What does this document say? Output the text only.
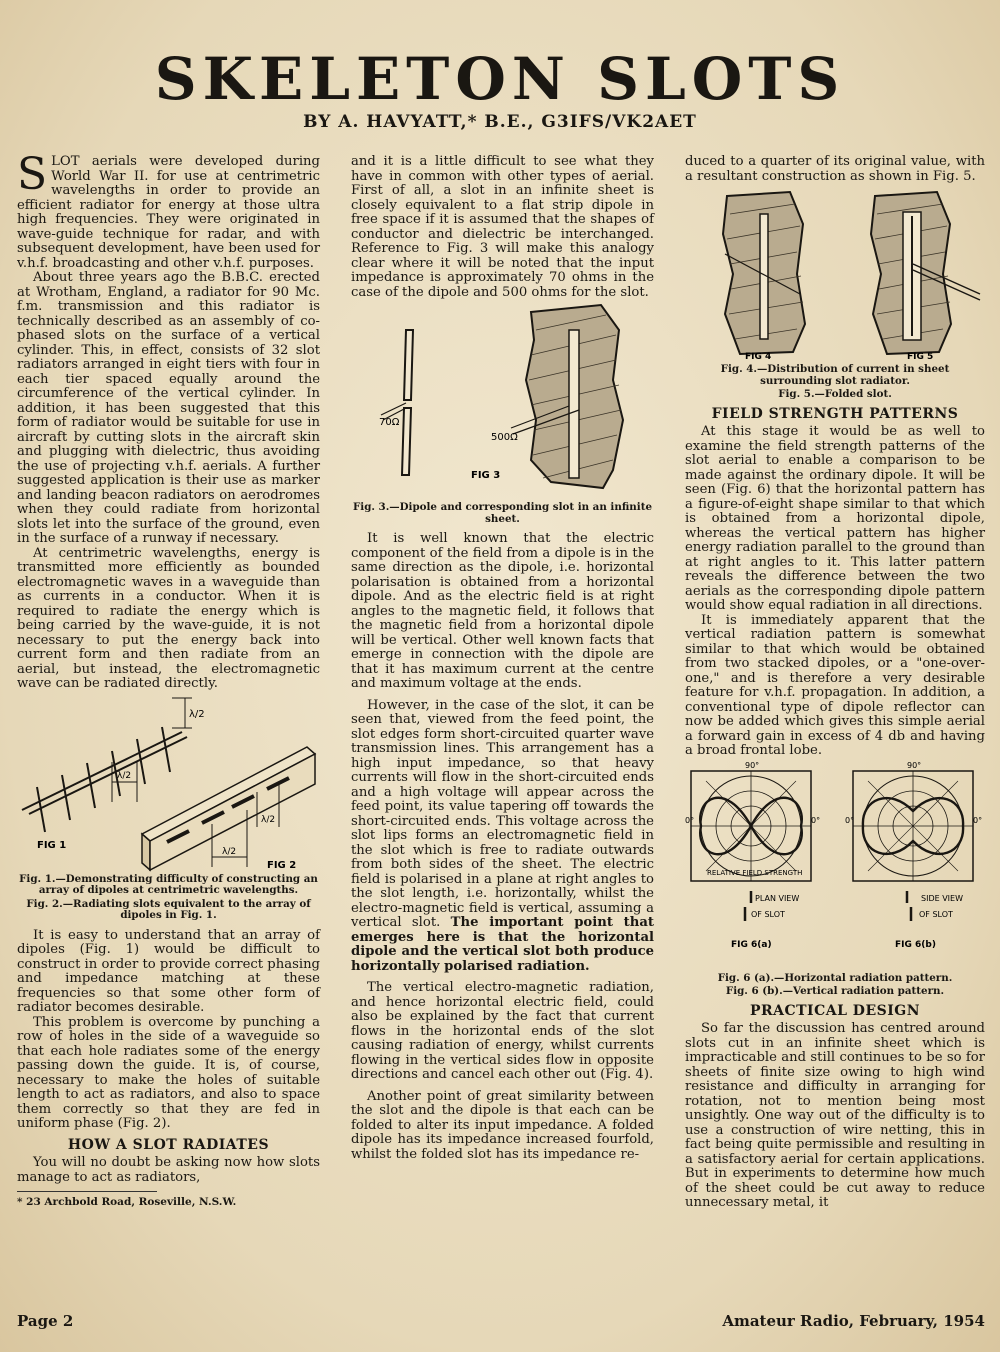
SKELETON SLOTS
BY A. HAVYATT,* B.E., G3IFS/VK2AET

SLOT aerials were developed during World War II. for use at centrimetric wavelengths in order to provide an efficient radiator for energy at those ultra high frequencies. They were originated in wave-guide technique for radar, and with subsequent development, have been used for v.h.f. broadcasting and other v.h.f. purposes.

About three years ago the B.B.C. erected at Wrotham, England, a radiator for 90 Mc. f.m. transmission and this radiator is technically described as an assembly of co-phased slots on the surface of a vertical cylinder. This, in effect, consists of 32 slot radiators arranged in eight tiers with four in each tier spaced equally around the circumference of the vertical cylinder. In addition, it has been suggested that this form of radiator would be suitable for use in aircraft by cutting slots in the aircraft skin and plugging with dielectric, thus avoiding the use of projecting v.h.f. aerials. A further suggested application is their use as marker and landing beacon radiators on aerodromes when they could radiate from horizontal slots let into the surface of the ground, even in the surface of a runway if necessary.

At centrimetric wavelengths, energy is transmitted more efficiently as bounded electromagnetic waves in a waveguide than as currents in a conductor. When it is required to radiate the energy which is being carried by the wave-guide, it is not necessary to put the energy back into current form and then radiate from an aerial, but instead, the electromagnetic wave can be radiated directly.

λ/2
λ/2
FIG 1
λ/2
λ/2
FIG 2
Fig. 1.—Demonstrating difficulty of constructing an array of dipoles at centrimetric wavelengths.
Fig. 2.—Radiating slots equivalent to the array of dipoles in Fig. 1.

It is easy to understand that an array of dipoles (Fig. 1) would be difficult to construct in order to provide correct phasing and impedance matching at these frequencies so that some other form of radiator becomes desirable.

This problem is overcome by punching a row of holes in the side of a waveguide so that each hole radiates some of the energy passing down the guide. It is, of course, necessary to make the holes of suitable length to act as radiators, and also to space them correctly so that they are fed in uniform phase (Fig. 2).

HOW A SLOT RADIATES

You will no doubt be asking now how slots manage to act as radiators,

* 23 Archbold Road, Roseville, N.S.W.

and it is a little difficult to see what they have in common with other types of aerial. First of all, a slot in an infinite sheet is closely equivalent to a flat strip dipole in free space if it is assumed that the shapes of conductor and dielectric be interchanged. Reference to Fig. 3 will make this analogy clear where it will be noted that the input impedance is approximately 70 ohms in the case of the dipole and 500 ohms for the slot.

70Ω
500Ω
FIG 3
Fig. 3.—Dipole and corresponding slot in an infinite sheet.

It is well known that the electric component of the field from a dipole is in the same direction as the dipole, i.e. horizontal polarisation is obtained from a horizontal dipole. And as the electric field is at right angles to the magnetic field, it follows that the magnetic field from a horizontal dipole will be vertical. Other well known facts that emerge in connection with the dipole are that it has maximum current at the centre and maximum voltage at the ends.

However, in the case of the slot, it can be seen that, viewed from the feed point, the slot edges form short-circuited quarter wave transmission lines. This arrangement has a high input impedance, so that heavy currents will flow in the short-circuited ends and a high voltage will appear across the feed point, its value tapering off towards the short-circuited ends. This voltage across the slot lips forms an electromagnetic field in the slot which is free to radiate outwards from both sides of the sheet. The electric field is polarised in a plane at right angles to the slot length, i.e. horizontally, whilst the electro-magnetic field is vertical, assuming a vertical slot. The important point that emerges here is that the horizontal dipole and the vertical slot both produce horizontally polarised radiation.

The vertical electro-magnetic radiation, and hence horizontal electric field, could also be explained by the fact that current flows in the horizontal ends of the slot causing radiation of energy, whilst currents flowing in the vertical sides flow in opposite directions and cancel each other out (Fig. 4).

Another point of great similarity between the slot and the dipole is that each can be folded to alter its input impedance. A folded dipole has its impedance increased fourfold, whilst the folded slot has its impedance re-

duced to a quarter of its original value, with a resultant construction as shown in Fig. 5.

FIG 4	FIG 5
Fig. 4.—Distribution of current in sheet surrounding slot radiator.
Fig. 5.—Folded slot.
FIELD STRENGTH PATTERNS

At this stage it would be as well to examine the field strength patterns of the slot aerial to enable a comparison to be made against the ordinary dipole. It will be seen (Fig. 6) that the horizontal pattern has a figure-of-eight shape similar to that which is obtained from a horizontal dipole, whereas the vertical pattern has higher energy radiation parallel to the ground than at right angles to it. This latter pattern reveals the difference between the two aerials as the corresponding dipole pattern would show equal radiation in all directions.

It is immediately apparent that the vertical radiation pattern is somewhat similar to that which would be obtained from two stacked dipoles, or a "one-over-one," and is therefore a very desirable feature for v.h.f. propagation. In addition, a conventional type of dipole reflector can now be added which gives this simple aerial a forward gain in excess of 4 db and having a broad frontal lobe.

90°
0°	0°
RELATIVE FIELD STRENGTH
PLAN VIEW
OF SLOT
FIG 6(a)
90°
0°	0°
SIDE VIEW
OF SLOT
FIG 6(b)
Fig. 6 (a).—Horizontal radiation pattern.
Fig. 6 (b).—Vertical radiation pattern.
PRACTICAL DESIGN

So far the discussion has centred around slots cut in an infinite sheet which is impracticable and still continues to be so for sheets of finite size owing to high wind resistance and difficulty in arranging for rotation, not to mention being most unsightly. One way out of the difficulty is to use a construction of wire netting, this in fact being quite permissible and resulting in a satisfactory aerial for certain applications. But in experiments to determine how much of the sheet could be cut away to reduce unnecessary metal, it

Page 2	Amateur Radio, February, 1954
